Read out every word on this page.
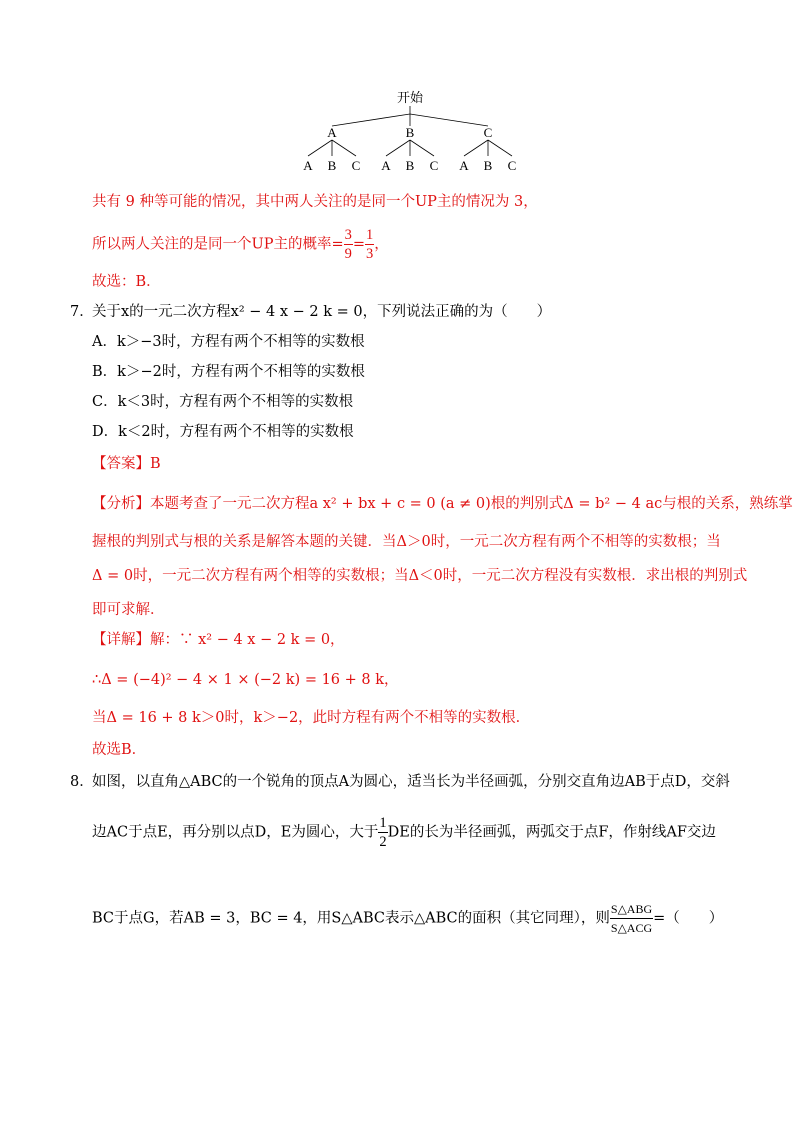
开始
A	B	C
A B C A B C A B C
共有 9 种等可能的情况，其中两人关注的是同一个UP主的情况为 3，
所以两人关注的是同一个UP主的概率= $\frac{3}{9} = \frac{1}{3}$ ，
故选：B．
7．
关于x的一元二次方程x² − 4 x − 2 k = 0，下列说法正确的为（　　）
A．k＞−3时，方程有两个不相等的实数根
B．k＞−2时，方程有两个不相等的实数根
C．k＜3时，方程有两个不相等的实数根
D．k＜2时，方程有两个不相等的实数根
【答案】B
【分析】本题考查了一元二次方程a x² + bx + c = 0 (a ≠ 0)根的判别式Δ = b² − 4 ac与根的关系，熟练掌
握根的判别式与根的关系是解答本题的关键．当Δ＞0时，一元二次方程有两个不相等的实数根；当
Δ = 0时，一元二次方程有两个相等的实数根；当Δ＜0时，一元二次方程没有实数根．求出根的判别式
即可求解．
【详解】解：∵ x² − 4 x − 2 k = 0，
∴Δ = (−4)² − 4 × 1 × (−2 k) = 16 + 8 k，
当Δ = 16 + 8 k＞0时，k＞−2，此时方程有两个不相等的实数根．
故选B．
8．
如图，以直角△ABC的一个锐角的顶点A为圆心，适当长为半径画弧，分别交直角边AB于点D，交斜
边AC于点E，再分别以点D，E为圆心，大于 $\frac{1}{2}$ DE的长为半径画弧，两弧交于点F，作射线AF交边
BC于点G，若AB = 3，BC = 4，用S△ABC表示△ABC的面积（其它同理），则 $\frac{\text{S△ABG}}{\text{S△ACG}}$ =（　　）
